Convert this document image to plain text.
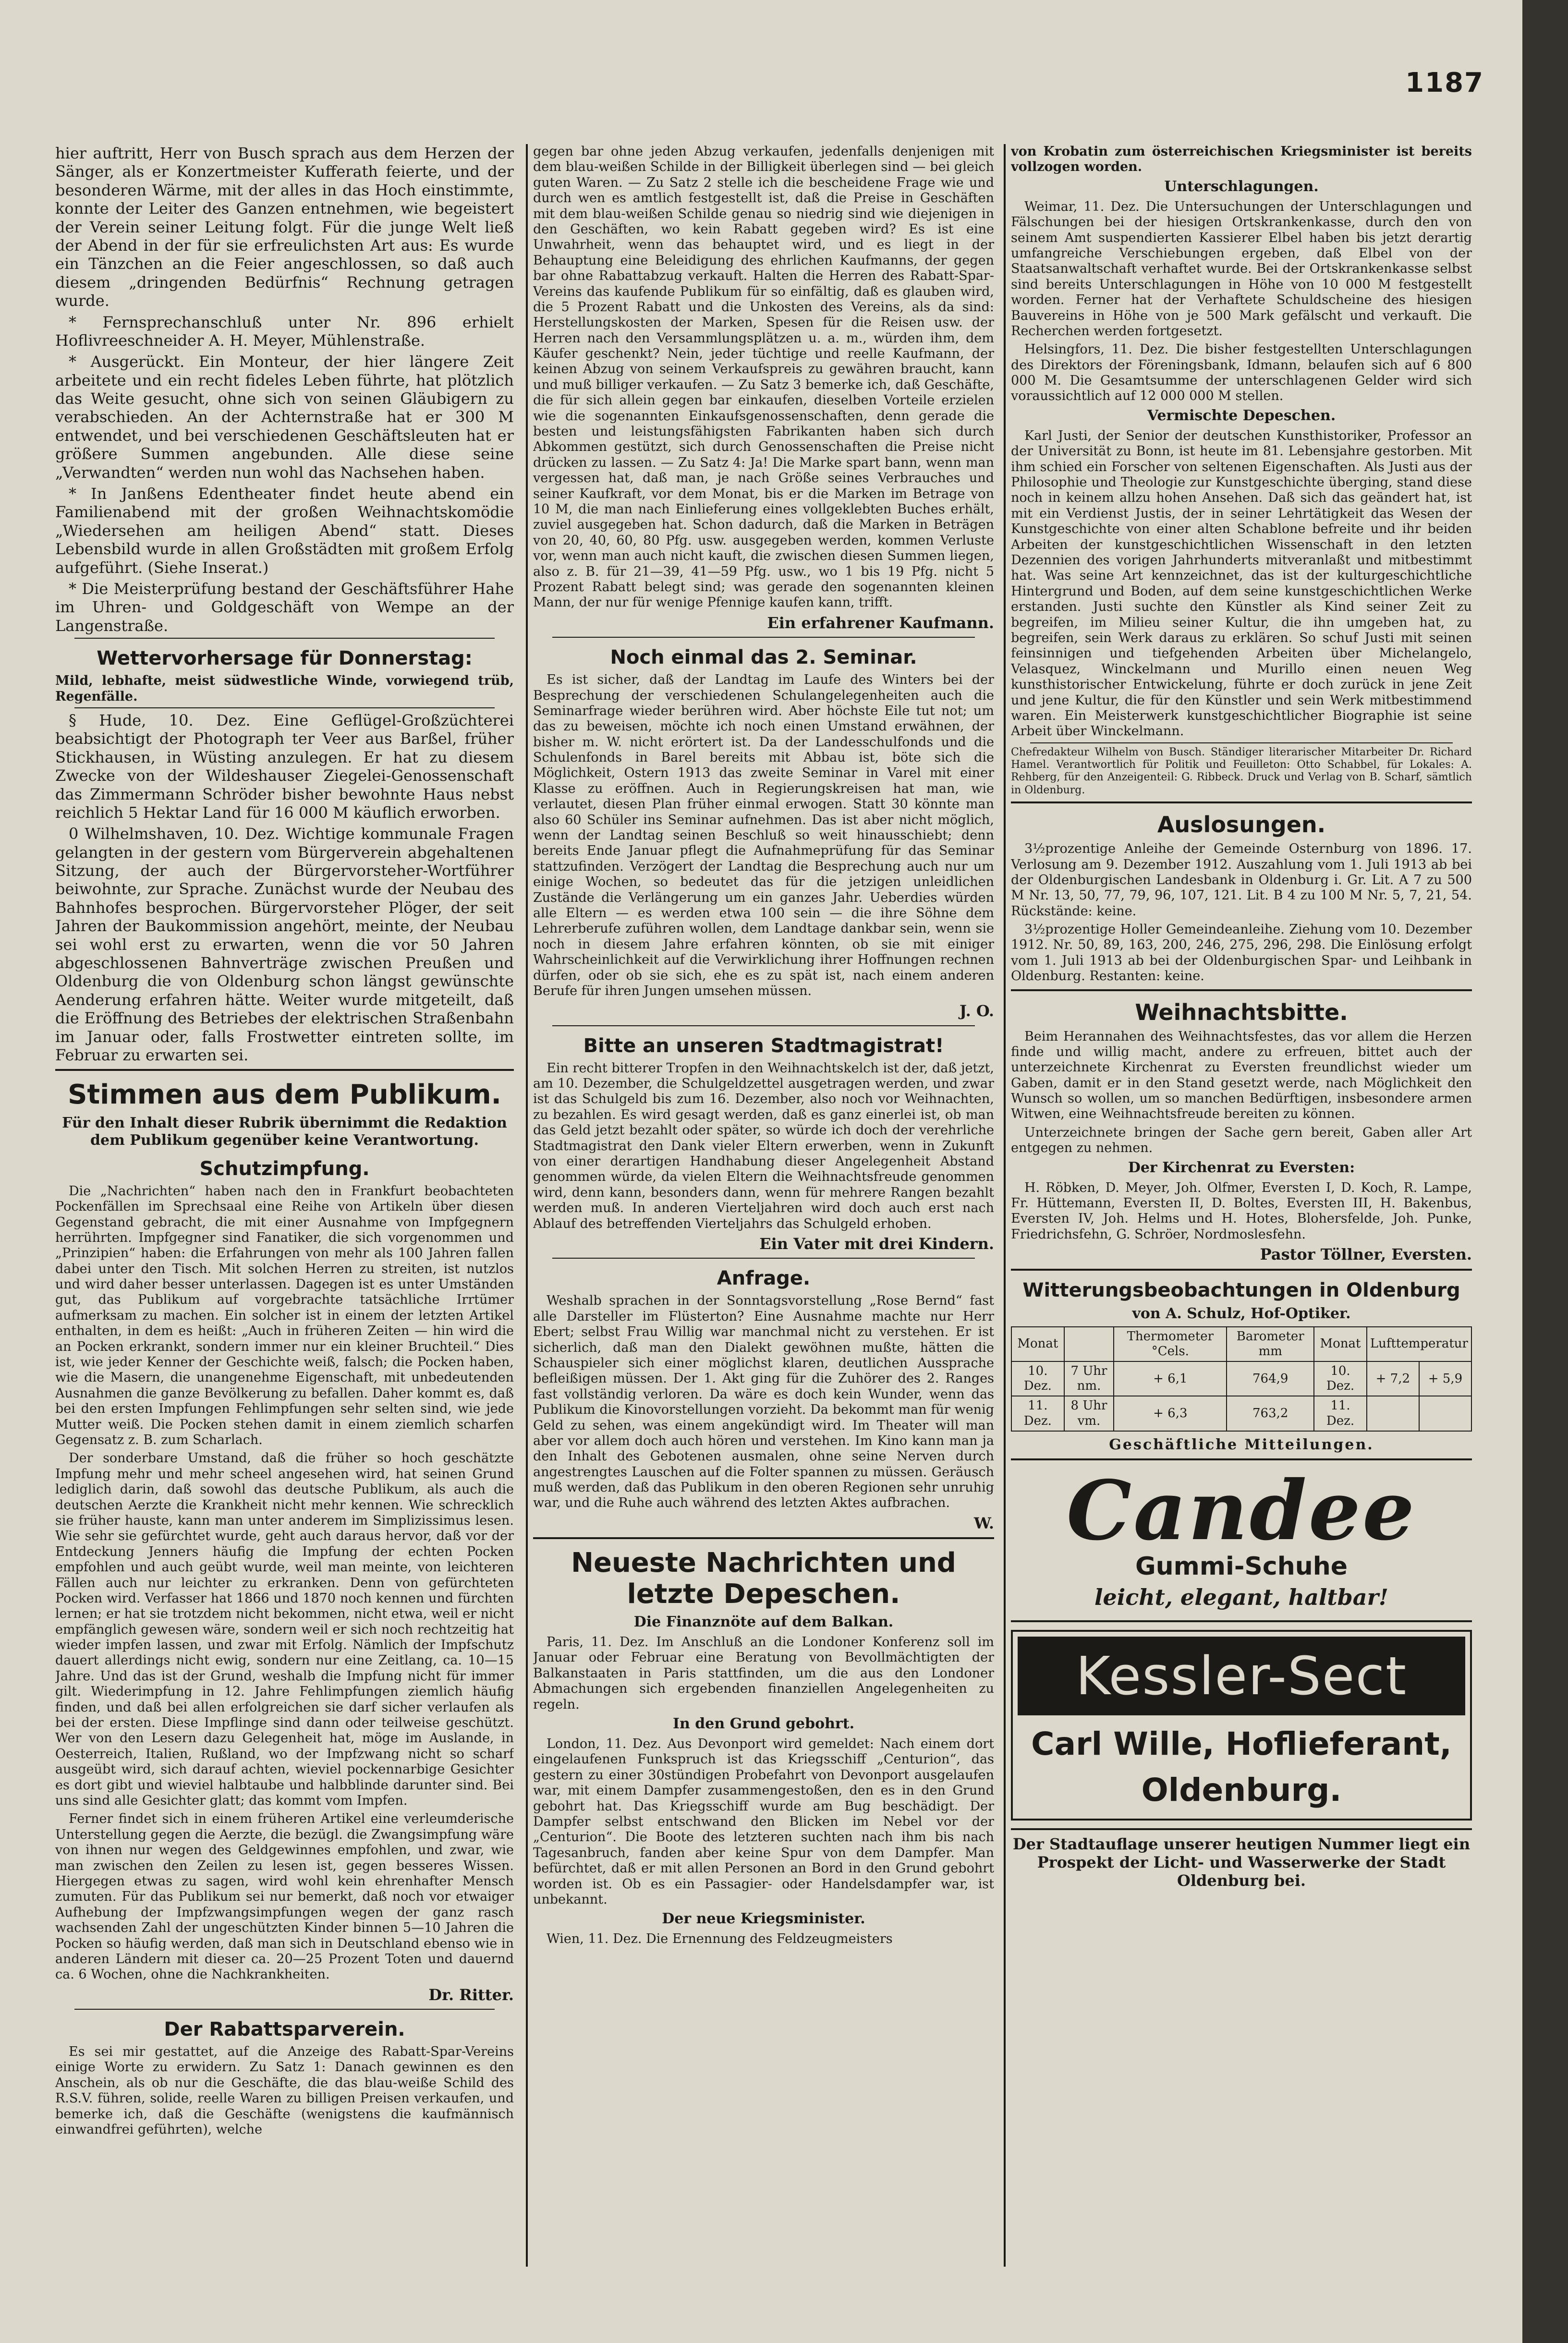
1187

hier auftritt, Herr von Busch sprach aus dem Herzen der Sänger, als er Konzertmeister Kufferath feierte, und der besonderen Wärme, mit der alles in das Hoch einstimmte, konnte der Leiter des Ganzen entnehmen, wie begeistert der Verein seiner Leitung folgt. Für die junge Welt ließ der Abend in der für sie erfreulichsten Art aus: Es wurde ein Tänzchen an die Feier angeschlossen, so daß auch diesem „dringenden Bedürfnis“ Rechnung getragen wurde.

* Fernsprechanschluß unter Nr. 896 erhielt Hoflivreeschneider A. H. Meyer, Mühlenstraße.

* Ausgerückt. Ein Monteur, der hier längere Zeit arbeitete und ein recht fideles Leben führte, hat plötzlich das Weite gesucht, ohne sich von seinen Gläubigern zu verabschieden. An der Achternstraße hat er 300 M entwendet, und bei verschiedenen Geschäftsleuten hat er größere Summen angebunden. Alle diese seine „Verwandten“ werden nun wohl das Nachsehen haben.

* In Janßens Edentheater findet heute abend ein Familienabend mit der großen Weihnachtskomödie „Wiedersehen am heiligen Abend“ statt. Dieses Lebensbild wurde in allen Großstädten mit großem Erfolg aufgeführt. (Siehe Inserat.)

* Die Meisterprüfung bestand der Geschäftsführer Hahe im Uhren- und Goldgeschäft von Wempe an der Langenstraße.

Wettervorhersage für Donnerstag:

Mild, lebhafte, meist südwestliche Winde, vorwiegend trüb, Regenfälle.

§ Hude, 10. Dez. Eine Geflügel-Großzüchterei beabsichtigt der Photograph ter Veer aus Barßel, früher Stickhausen, in Wüsting anzulegen. Er hat zu diesem Zwecke von der Wildeshauser Ziegelei-Genossenschaft das Zimmermann Schröder bisher bewohnte Haus nebst reichlich 5 Hektar Land für 16 000 M käuflich erworben.

0 Wilhelmshaven, 10. Dez. Wichtige kommunale Fragen gelangten in der gestern vom Bürgerverein abgehaltenen Sitzung, der auch der Bürgervorsteher-Wortführer beiwohnte, zur Sprache. Zunächst wurde der Neubau des Bahnhofes besprochen. Bürgervorsteher Plöger, der seit Jahren der Baukommission angehört, meinte, der Neubau sei wohl erst zu erwarten, wenn die vor 50 Jahren abgeschlossenen Bahnverträge zwischen Preußen und Oldenburg die von Oldenburg schon längst gewünschte Aenderung erfahren hätte. Weiter wurde mitgeteilt, daß die Eröffnung des Betriebes der elektrischen Straßenbahn im Januar oder, falls Frostwetter eintreten sollte, im Februar zu erwarten sei.

Stimmen aus dem Publikum.
Für den Inhalt dieser Rubrik übernimmt die Redaktion dem Publikum gegenüber keine Verantwortung.
Schutzimpfung.

Die „Nachrichten“ haben nach den in Frankfurt beobachteten Pockenfällen im Sprechsaal eine Reihe von Artikeln über diesen Gegenstand gebracht, die mit einer Ausnahme von Impfgegnern herrührten. Impfgegner sind Fanatiker, die sich vorgenommen und „Prinzipien“ haben: die Erfahrungen von mehr als 100 Jahren fallen dabei unter den Tisch. Mit solchen Herren zu streiten, ist nutzlos und wird daher besser unterlassen. Dagegen ist es unter Umständen gut, das Publikum auf vorgebrachte tatsächliche Irrtümer aufmerksam zu machen. Ein solcher ist in einem der letzten Artikel enthalten, in dem es heißt: „Auch in früheren Zeiten — hin wird die an Pocken erkrankt, sondern immer nur ein kleiner Bruchteil.“ Dies ist, wie jeder Kenner der Geschichte weiß, falsch; die Pocken haben, wie die Masern, die unangenehme Eigenschaft, mit unbedeutenden Ausnahmen die ganze Bevölkerung zu befallen. Daher kommt es, daß bei den ersten Impfungen Fehlimpfungen sehr selten sind, wie jede Mutter weiß. Die Pocken stehen damit in einem ziemlich scharfen Gegensatz z. B. zum Scharlach.

Der sonderbare Umstand, daß die früher so hoch geschätzte Impfung mehr und mehr scheel angesehen wird, hat seinen Grund lediglich darin, daß sowohl das deutsche Publikum, als auch die deutschen Aerzte die Krankheit nicht mehr kennen. Wie schrecklich sie früher hauste, kann man unter anderem im Simplizissimus lesen. Wie sehr sie gefürchtet wurde, geht auch daraus hervor, daß vor der Entdeckung Jenners häufig die Impfung der echten Pocken empfohlen und auch geübt wurde, weil man meinte, von leichteren Fällen auch nur leichter zu erkranken. Denn von gefürchteten Pocken wird. Verfasser hat 1866 und 1870 noch kennen und fürchten lernen; er hat sie trotzdem nicht bekommen, nicht etwa, weil er nicht empfänglich gewesen wäre, sondern weil er sich noch rechtzeitig hat wieder impfen lassen, und zwar mit Erfolg. Nämlich der Impfschutz dauert allerdings nicht ewig, sondern nur eine Zeitlang, ca. 10—15 Jahre. Und das ist der Grund, weshalb die Impfung nicht für immer gilt. Wiederimpfung in 12. Jahre Fehlimpfungen ziemlich häufig finden, und daß bei allen erfolgreichen sie darf sicher verlaufen als bei der ersten. Diese Impflinge sind dann oder teilweise geschützt. Wer von den Lesern dazu Gelegenheit hat, möge im Auslande, in Oesterreich, Italien, Rußland, wo der Impfzwang nicht so scharf ausgeübt wird, sich darauf achten, wieviel pockennarbige Gesichter es dort gibt und wieviel halbtaube und halbblinde darunter sind. Bei uns sind alle Gesichter glatt; das kommt vom Impfen.

Ferner findet sich in einem früheren Artikel eine verleumderische Unterstellung gegen die Aerzte, die bezügl. die Zwangsimpfung wäre von ihnen nur wegen des Geldgewinnes empfohlen, und zwar, wie man zwischen den Zeilen zu lesen ist, gegen besseres Wissen. Hiergegen etwas zu sagen, wird wohl kein ehrenhafter Mensch zumuten. Für das Publikum sei nur bemerkt, daß noch vor etwaiger Aufhebung der Impfzwangsimpfungen wegen der ganz rasch wachsenden Zahl der ungeschützten Kinder binnen 5—10 Jahren die Pocken so häufig werden, daß man sich in Deutschland ebenso wie in anderen Ländern mit dieser ca. 20—25 Prozent Toten und dauernd ca. 6 Wochen, ohne die Nachkrankheiten.

Dr. Ritter.
Der Rabattsparverein.

Es sei mir gestattet, auf die Anzeige des Rabatt-Spar-Vereins einige Worte zu erwidern. Zu Satz 1: Danach gewinnen es den Anschein, als ob nur die Geschäfte, die das blau-weiße Schild des R.S.V. führen, solide, reelle Waren zu billigen Preisen verkaufen, und bemerke ich, daß die Geschäfte (wenigstens die kaufmännisch einwandfrei geführten), welche

gegen bar ohne jeden Abzug verkaufen, jedenfalls denjenigen mit dem blau-weißen Schilde in der Billigkeit überlegen sind — bei gleich guten Waren. — Zu Satz 2 stelle ich die bescheidene Frage wie und durch wen es amtlich festgestellt ist, daß die Preise in Geschäften mit dem blau-weißen Schilde genau so niedrig sind wie diejenigen in den Geschäften, wo kein Rabatt gegeben wird? Es ist eine Unwahrheit, wenn das behauptet wird, und es liegt in der Behauptung eine Beleidigung des ehrlichen Kaufmanns, der gegen bar ohne Rabattabzug verkauft. Halten die Herren des Rabatt-Spar-Vereins das kaufende Publikum für so einfältig, daß es glauben wird, die 5 Prozent Rabatt und die Unkosten des Vereins, als da sind: Herstellungskosten der Marken, Spesen für die Reisen usw. der Herren nach den Versammlungsplätzen u. a. m., würden ihm, dem Käufer geschenkt? Nein, jeder tüchtige und reelle Kaufmann, der keinen Abzug von seinem Verkaufspreis zu gewähren braucht, kann und muß billiger verkaufen. — Zu Satz 3 bemerke ich, daß Geschäfte, die für sich allein gegen bar einkaufen, dieselben Vorteile erzielen wie die sogenannten Einkaufsgenossenschaften, denn gerade die besten und leistungsfähigsten Fabrikanten haben sich durch Abkommen gestützt, sich durch Genossenschaften die Preise nicht drücken zu lassen. — Zu Satz 4: Ja! Die Marke spart bann, wenn man vergessen hat, daß man, je nach Größe seines Verbrauches und seiner Kaufkraft, vor dem Monat, bis er die Marken im Betrage von 10 M, die man nach Einlieferung eines vollgeklebten Buches erhält, zuviel ausgegeben hat. Schon dadurch, daß die Marken in Beträgen von 20, 40, 60, 80 Pfg. usw. ausgegeben werden, kommen Verluste vor, wenn man auch nicht kauft, die zwischen diesen Summen liegen, also z. B. für 21—39, 41—59 Pfg. usw., wo 1 bis 19 Pfg. nicht 5 Prozent Rabatt belegt sind; was gerade den sogenannten kleinen Mann, der nur für wenige Pfennige kaufen kann, trifft.

Ein erfahrener Kaufmann.
Noch einmal das 2. Seminar.

Es ist sicher, daß der Landtag im Laufe des Winters bei der Besprechung der verschiedenen Schulangelegenheiten auch die Seminarfrage wieder berühren wird. Aber höchste Eile tut not; um das zu beweisen, möchte ich noch einen Umstand erwähnen, der bisher m. W. nicht erörtert ist. Da der Landesschulfonds und die Schulenfonds in Barel bereits mit Abbau ist, böte sich die Möglichkeit, Ostern 1913 das zweite Seminar in Varel mit einer Klasse zu eröffnen. Auch in Regierungskreisen hat man, wie verlautet, diesen Plan früher einmal erwogen. Statt 30 könnte man also 60 Schüler ins Seminar aufnehmen. Das ist aber nicht möglich, wenn der Landtag seinen Beschluß so weit hinausschiebt; denn bereits Ende Januar pflegt die Aufnahmeprüfung für das Seminar stattzufinden. Verzögert der Landtag die Besprechung auch nur um einige Wochen, so bedeutet das für die jetzigen unleidlichen Zustände die Verlängerung um ein ganzes Jahr. Ueberdies würden alle Eltern — es werden etwa 100 sein — die ihre Söhne dem Lehrerberufe zuführen wollen, dem Landtage dankbar sein, wenn sie noch in diesem Jahre erfahren könnten, ob sie mit einiger Wahrscheinlichkeit auf die Verwirklichung ihrer Hoffnungen rechnen dürfen, oder ob sie sich, ehe es zu spät ist, nach einem anderen Berufe für ihren Jungen umsehen müssen.

J. O.
Bitte an unseren Stadtmagistrat!

Ein recht bitterer Tropfen in den Weihnachtskelch ist der, daß jetzt, am 10. Dezember, die Schulgeldzettel ausgetragen werden, und zwar ist das Schulgeld bis zum 16. Dezember, also noch vor Weihnachten, zu bezahlen. Es wird gesagt werden, daß es ganz einerlei ist, ob man das Geld jetzt bezahlt oder später, so würde ich doch der verehrliche Stadtmagistrat den Dank vieler Eltern erwerben, wenn in Zukunft von einer derartigen Handhabung dieser Angelegenheit Abstand genommen würde, da vielen Eltern die Weihnachtsfreude genommen wird, denn kann, besonders dann, wenn für mehrere Rangen bezahlt werden muß. In anderen Vierteljahren wird doch auch erst nach Ablauf des betreffenden Vierteljahrs das Schulgeld erhoben.

Ein Vater mit drei Kindern.
Anfrage.

Weshalb sprachen in der Sonntagsvorstellung „Rose Bernd“ fast alle Darsteller im Flüsterton? Eine Ausnahme machte nur Herr Ebert; selbst Frau Willig war manchmal nicht zu verstehen. Er ist sicherlich, daß man den Dialekt gewöhnen mußte, hätten die Schauspieler sich einer möglichst klaren, deutlichen Aussprache befleißigen müssen. Der 1. Akt ging für die Zuhörer des 2. Ranges fast vollständig verloren. Da wäre es doch kein Wunder, wenn das Publikum die Kinovorstellungen vorzieht. Da bekommt man für wenig Geld zu sehen, was einem angekündigt wird. Im Theater will man aber vor allem doch auch hören und verstehen. Im Kino kann man ja den Inhalt des Gebotenen ausmalen, ohne seine Nerven durch angestrengtes Lauschen auf die Folter spannen zu müssen. Geräusch muß werden, daß das Publikum in den oberen Regionen sehr unruhig war, und die Ruhe auch während des letzten Aktes aufbrachen.

W.
Neueste Nachrichten und letzte Depeschen.
Die Finanznöte auf dem Balkan.

Paris, 11. Dez. Im Anschluß an die Londoner Konferenz soll im Januar oder Februar eine Beratung von Bevollmächtigten der Balkanstaaten in Paris stattfinden, um die aus den Londoner Abmachungen sich ergebenden finanziellen Angelegenheiten zu regeln.

In den Grund gebohrt.

London, 11. Dez. Aus Devonport wird gemeldet: Nach einem dort eingelaufenen Funkspruch ist das Kriegsschiff „Centurion“, das gestern zu einer 30stündigen Probefahrt von Devonport ausgelaufen war, mit einem Dampfer zusammengestoßen, den es in den Grund gebohrt hat. Das Kriegsschiff wurde am Bug beschädigt. Der Dampfer selbst entschwand den Blicken im Nebel vor der „Centurion“. Die Boote des letzteren suchten nach ihm bis nach Tagesanbruch, fanden aber keine Spur von dem Dampfer. Man befürchtet, daß er mit allen Personen an Bord in den Grund gebohrt worden ist. Ob es ein Passagier- oder Handelsdampfer war, ist unbekannt.

Der neue Kriegsminister.

Wien, 11. Dez. Die Ernennung des Feldzeugmeisters

von Krobatin zum österreichischen Kriegsminister ist bereits vollzogen worden.

Unterschlagungen.

Weimar, 11. Dez. Die Untersuchungen der Unterschlagungen und Fälschungen bei der hiesigen Ortskrankenkasse, durch den von seinem Amt suspendierten Kassierer Elbel haben bis jetzt derartig umfangreiche Verschiebungen ergeben, daß Elbel von der Staatsanwaltschaft verhaftet wurde. Bei der Ortskrankenkasse selbst sind bereits Unterschlagungen in Höhe von 10 000 M festgestellt worden. Ferner hat der Verhaftete Schuldscheine des hiesigen Bauvereins in Höhe von je 500 Mark gefälscht und verkauft. Die Recherchen werden fortgesetzt.

Helsingfors, 11. Dez. Die bisher festgestellten Unterschlagungen des Direktors der Föreningsbank, Idmann, belaufen sich auf 6 800 000 M. Die Gesamtsumme der unterschlagenen Gelder wird sich voraussichtlich auf 12 000 000 M stellen.

Vermischte Depeschen.

Karl Justi, der Senior der deutschen Kunsthistoriker, Professor an der Universität zu Bonn, ist heute im 81. Lebensjahre gestorben. Mit ihm schied ein Forscher von seltenen Eigenschaften. Als Justi aus der Philosophie und Theologie zur Kunstgeschichte überging, stand diese noch in keinem allzu hohen Ansehen. Daß sich das geändert hat, ist mit ein Verdienst Justis, der in seiner Lehrtätigkeit das Wesen der Kunstgeschichte von einer alten Schablone befreite und ihr beiden Arbeiten der kunstgeschichtlichen Wissenschaft in den letzten Dezennien des vorigen Jahrhunderts mitveranlaßt und mitbestimmt hat. Was seine Art kennzeichnet, das ist der kulturgeschichtliche Hintergrund und Boden, auf dem seine kunstgeschichtlichen Werke erstanden. Justi suchte den Künstler als Kind seiner Zeit zu begreifen, im Milieu seiner Kultur, die ihn umgeben hat, zu begreifen, sein Werk daraus zu erklären. So schuf Justi mit seinen feinsinnigen und tiefgehenden Arbeiten über Michelangelo, Velasquez, Winckelmann und Murillo einen neuen Weg kunsthistorischer Entwickelung, führte er doch zurück in jene Zeit und jene Kultur, die für den Künstler und sein Werk mitbestimmend waren. Ein Meisterwerk kunstgeschichtlicher Biographie ist seine Arbeit über Winckelmann.

Chefredakteur Wilhelm von Busch. Ständiger literarischer Mitarbeiter Dr. Richard Hamel. Verantwortlich für Politik und Feuilleton: Otto Schabbel, für Lokales: A. Rehberg, für den Anzeigenteil: G. Ribbeck. Druck und Verlag von B. Scharf, sämtlich in Oldenburg.

Auslosungen.

3½prozentige Anleihe der Gemeinde Osternburg von 1896. 17. Verlosung am 9. Dezember 1912. Auszahlung vom 1. Juli 1913 ab bei der Oldenburgischen Landesbank in Oldenburg i. Gr. Lit. A 7 zu 500 M Nr. 13, 50, 77, 79, 96, 107, 121. Lit. B 4 zu 100 M Nr. 5, 7, 21, 54. Rückstände: keine.

3½prozentige Holler Gemeindeanleihe. Ziehung vom 10. Dezember 1912. Nr. 50, 89, 163, 200, 246, 275, 296, 298. Die Einlösung erfolgt vom 1. Juli 1913 ab bei der Oldenburgischen Spar- und Leihbank in Oldenburg. Restanten: keine.

Weihnachtsbitte.

Beim Herannahen des Weihnachtsfestes, das vor allem die Herzen finde und willig macht, andere zu erfreuen, bittet auch der unterzeichnete Kirchenrat zu Eversten freundlichst wieder um Gaben, damit er in den Stand gesetzt werde, nach Möglichkeit den Wunsch so wollen, um so manchen Bedürftigen, insbesondere armen Witwen, eine Weihnachtsfreude bereiten zu können.

Unterzeichnete bringen der Sache gern bereit, Gaben aller Art entgegen zu nehmen.

Der Kirchenrat zu Eversten:

H. Röbken, D. Meyer, Joh. Olfmer, Eversten I, D. Koch, R. Lampe, Fr. Hüttemann, Eversten II, D. Boltes, Eversten III, H. Bakenbus, Eversten IV, Joh. Helms und H. Hotes, Blohersfelde, Joh. Punke, Friedrichsfehn, G. Schröer, Nordmoslesfehn.

Pastor Töllner, Eversten.
Witterungsbeobachtungen in Oldenburg
von A. Schulz, Hof-Optiker.
Monat		Thermometer °Cels.	Barometer mm	Monat	Lufttemperatur	
10. Dez.	7 Uhr nm.	+ 6,1	764,9	10. Dez.	+ 7,2	+ 5,9
11. Dez.	8 Uhr vm.	+ 6,3	763,2	11. Dez.		
Geschäftliche Mitteilungen.
Candee
Gummi-Schuhe
leicht, elegant, haltbar!
Kessler-Sect
Carl Wille, Hoflieferant,
Oldenburg.

Der Stadtauflage unserer heutigen Nummer liegt ein Prospekt der Licht- und Wasserwerke der Stadt Oldenburg bei.
